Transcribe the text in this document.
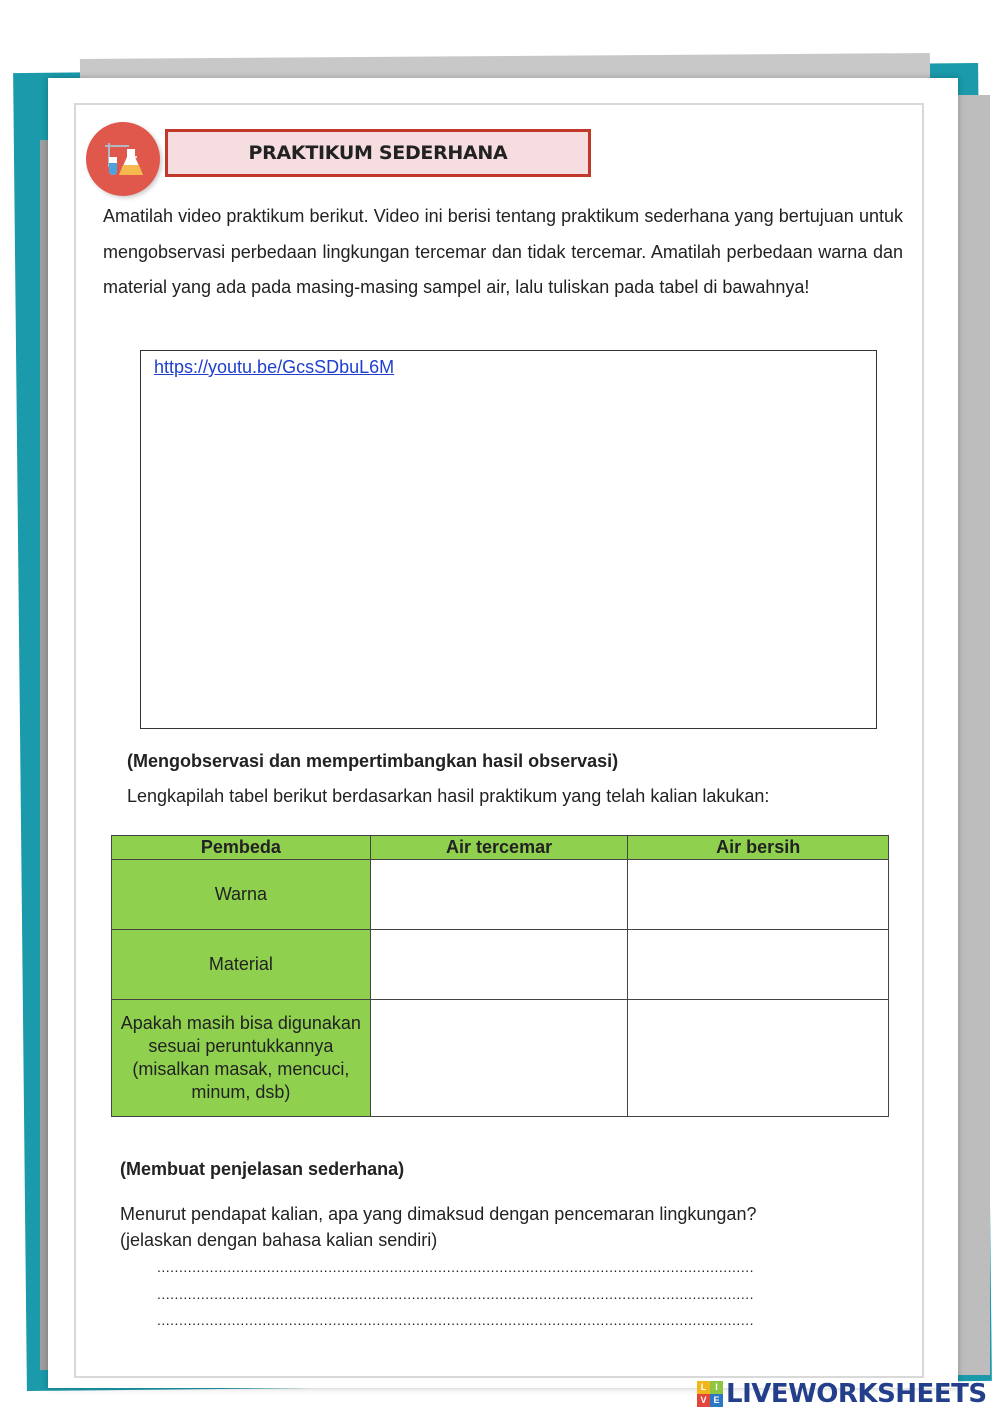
PRAKTIKUM SEDERHANA

Amatilah video praktikum berikut. Video ini berisi tentang praktikum sederhana yang bertujuan untuk mengobservasi perbedaan lingkungan tercemar dan tidak tercemar. Amatilah perbedaan warna dan material yang ada pada masing-masing sampel air, lalu tuliskan pada tabel di bawahnya!

https://youtu.be/GcsSDbuL6M
(Mengobservasi dan mempertimbangkan hasil observasi)
Lengkapilah tabel berikut berdasarkan hasil praktikum yang telah kalian lakukan:
Pembeda	Air tercemar	Air bersih
Warna		
Material		
Apakah masih bisa digunakan sesuai peruntukkannya (misalkan masak, mencuci, minum, dsb)		
(Membuat penjelasan sederhana)
Menurut pendapat kalian, apa yang dimaksud dengan pencemaran lingkungan?
(jelaskan dengan bahasa kalian sendiri)
........................................................................................................................................
........................................................................................................................................
........................................................................................................................................
L I
V E LIVEWORKSHEETS
